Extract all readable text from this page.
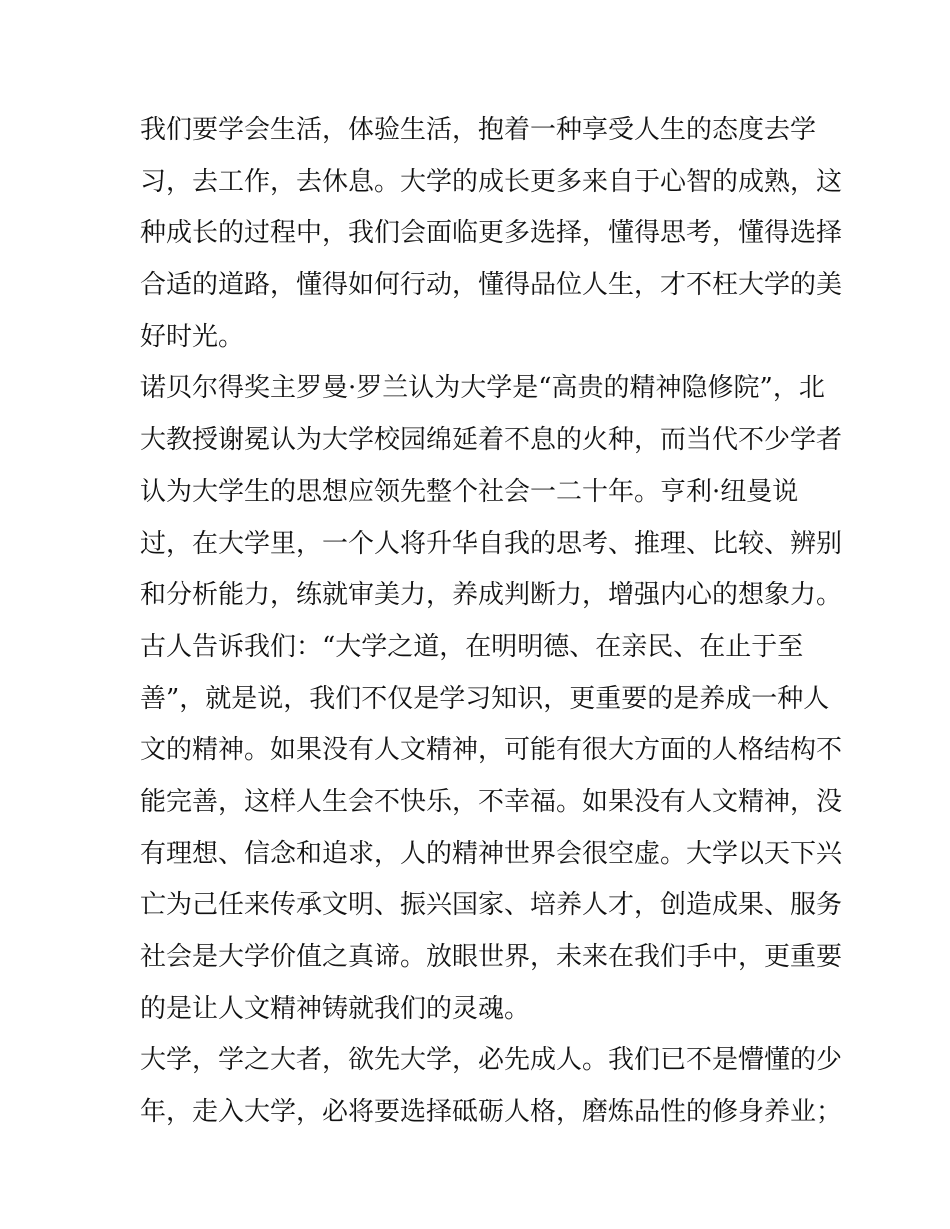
我们要学会生活，体验生活，抱着一种享受人生的态度去学
习，去工作，去休息。大学的成长更多来自于心智的成熟，这
种成长的过程中，我们会面临更多选择，懂得思考，懂得选择
合适的道路，懂得如何行动，懂得品位人生，才不枉大学的美
好时光。
诺贝尔得奖主罗曼·罗兰认为大学是“高贵的精神隐修院”，北
大教授谢冕认为大学校园绵延着不息的火种，而当代不少学者
认为大学生的思想应领先整个社会一二十年。亨利·纽曼说
过，在大学里，一个人将升华自我的思考、推理、比较、辨别
和分析能力，练就审美力，养成判断力，增强内心的想象力。
古人告诉我们：“大学之道，在明明德、在亲民、在止于至
善”，就是说，我们不仅是学习知识，更重要的是养成一种人
文的精神。如果没有人文精神，可能有很大方面的人格结构不
能完善，这样人生会不快乐，不幸福。如果没有人文精神，没
有理想、信念和追求，人的精神世界会很空虚。大学以天下兴
亡为己任来传承文明、振兴国家、培养人才，创造成果、服务
社会是大学价值之真谛。放眼世界，未来在我们手中，更重要
的是让人文精神铸就我们的灵魂。
大学，学之大者，欲先大学，必先成人。我们已不是懵懂的少
年，走入大学，必将要选择砥砺人格，磨炼品性的修身养业；
